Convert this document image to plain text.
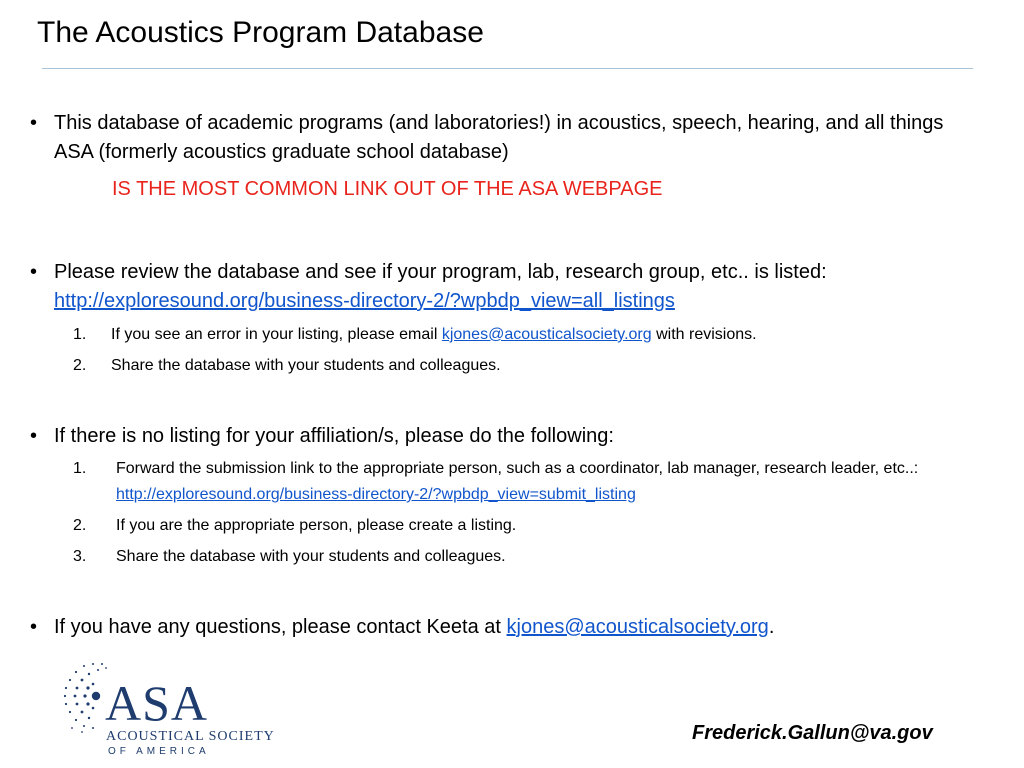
The Acoustics Program Database
• This database of academic programs (and laboratories!) in acoustics, speech, hearing, and all things ASA (formerly acoustics graduate school database)
IS THE MOST COMMON LINK OUT OF THE ASA WEBPAGE
• Please review the database and see if your program, lab, research group, etc.. is listed:
http://exploresound.org/business-directory-2/?wpbdp_view=all_listings
1. If you see an error in your listing, please email kjones@acousticalsociety.org with revisions.
2. Share the database with your students and colleagues.
• If there is no listing for your affiliation/s, please do the following:
1. Forward the submission link to the appropriate person, such as a coordinator, lab manager, research leader, etc..: http://exploresound.org/business-directory-2/?wpbdp_view=submit_listing
2. If you are the appropriate person, please create a listing.
3. Share the database with your students and colleagues.
• If you have any questions, please contact Keeta at kjones@acousticalsociety.org.
ASA
ACOUSTICAL SOCIETY
OF AMERICA
Frederick.Gallun@va.gov
